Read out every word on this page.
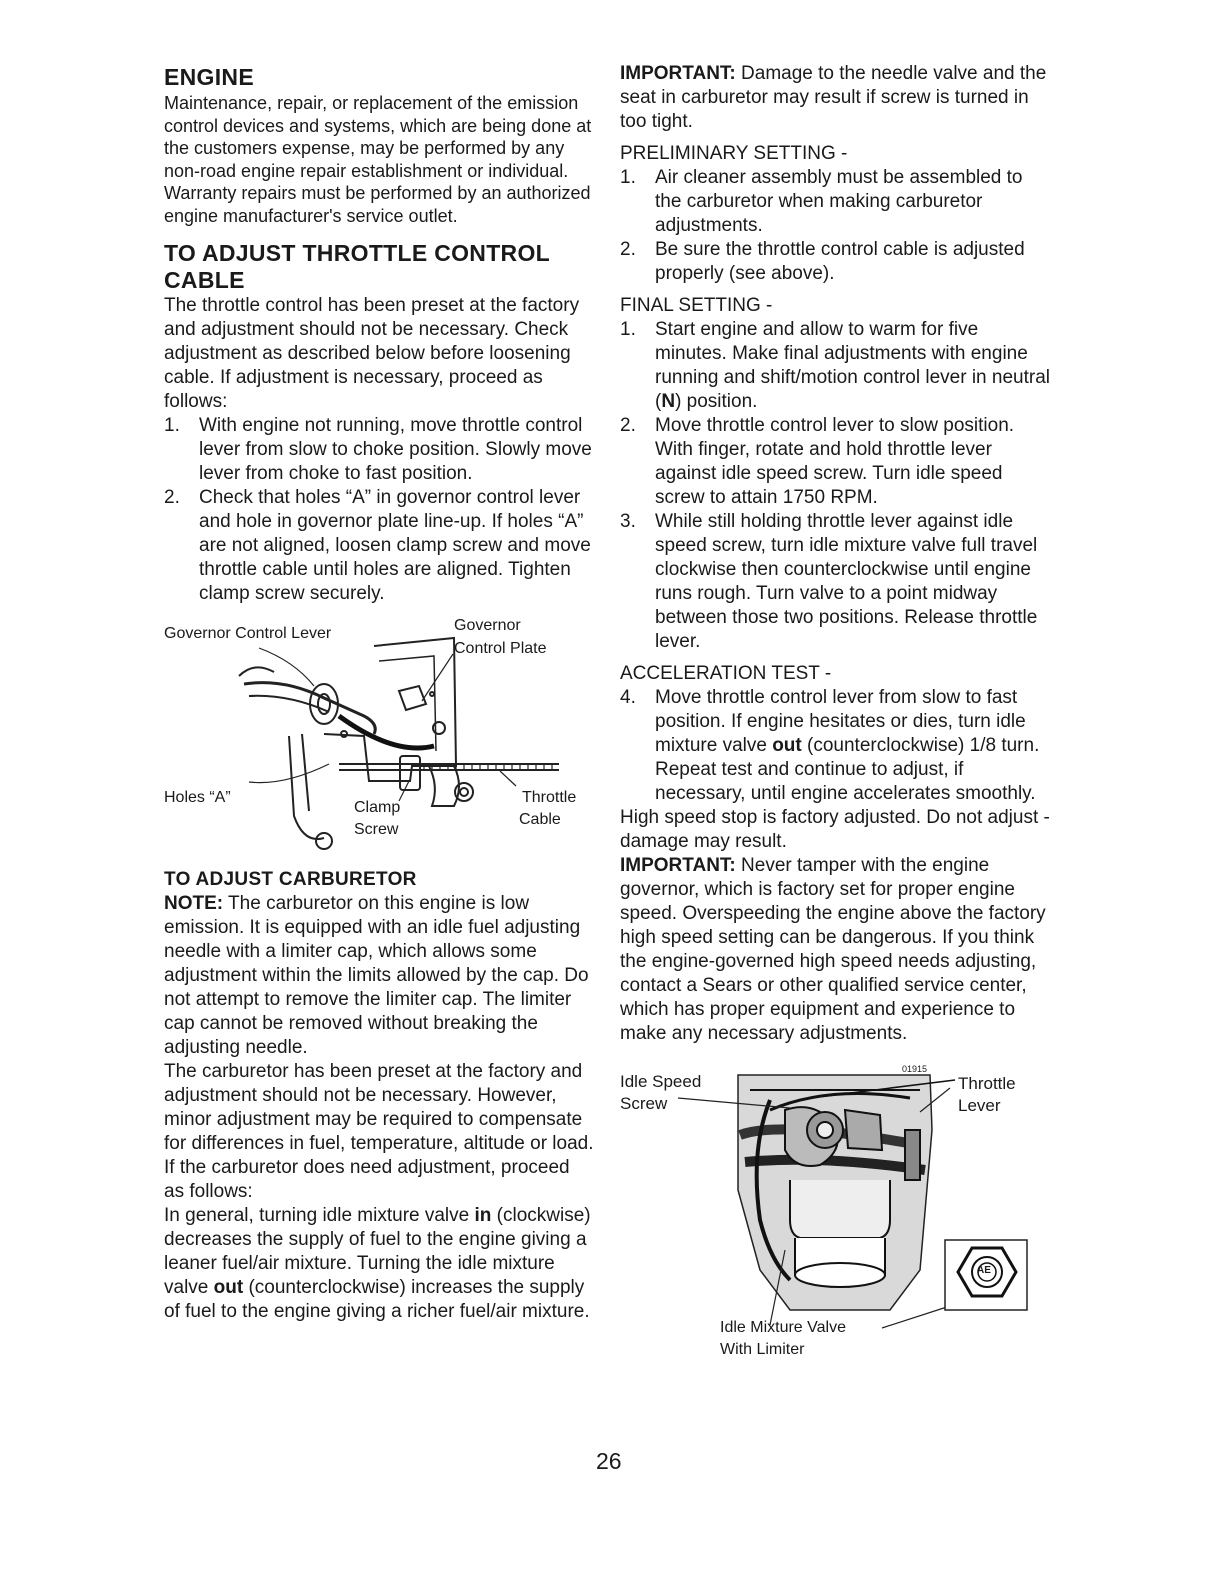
ENGINE

Maintenance, repair, or replacement of the emission control devices and systems, which are being done at the customers expense, may be performed by any non-road engine repair establishment or individual. Warranty repairs must be performed by an authorized engine manufacturer's service outlet.

TO ADJUST THROTTLE CONTROL CABLE

The throttle control has been preset at the factory and adjustment should not be necessary. Check adjustment as described below before loosening cable. If adjustment is necessary, proceed as follows:

1. With engine not running, move throttle control lever from slow to choke position. Slowly move lever from choke to fast position.
2. Check that holes “A” in governor control lever and hole in governor plate line-up. If holes “A” are not aligned, loosen clamp screw and move throttle cable until holes are aligned. Tighten clamp screw securely.
Governor Control Lever	Governor
Control Plate
Holes “A”
Clamp
Screw
Throttle
Cable
TO ADJUST CARBURETOR

NOTE: The carburetor on this engine is low emission. It is equipped with an idle fuel adjusting needle with a limiter cap, which allows some adjustment within the limits allowed by the cap. Do not attempt to remove the limiter cap. The limiter cap cannot be removed without breaking the adjusting needle.

The carburetor has been preset at the factory and adjustment should not be necessary. However, minor adjustment may be required to compensate for differences in fuel, temperature, altitude or load. If the carburetor does need adjustment, proceed as follows:

In general, turning idle mixture valve in (clockwise) decreases the supply of fuel to the engine giving a leaner fuel/air mixture. Turning the idle mixture valve out (counterclockwise) increases the supply of fuel to the engine giving a richer fuel/air mixture.

IMPORTANT: Damage to the needle valve and the seat in carburetor may result if screw is turned in too tight.

PRELIMINARY SETTING -
1. Air cleaner assembly must be assembled to the carburetor when making carburetor adjustments.
2. Be sure the throttle control cable is adjusted properly (see above).
FINAL SETTING -
1. Start engine and allow to warm for five minutes. Make final adjustments with engine running and shift/motion control lever in neutral (N) position.
2. Move throttle control lever to slow position. With finger, rotate and hold throttle lever against idle speed screw. Turn idle speed screw to attain 1750 RPM.
3. While still holding throttle lever against idle speed screw, turn idle mixture valve full travel clockwise then counterclockwise until engine runs rough. Turn valve to a point midway between those two positions. Release throttle lever.
ACCELERATION TEST -
4. Move throttle control lever from slow to fast position. If engine hesitates or dies, turn idle mixture valve out (counterclockwise) 1/8 turn. Repeat test and continue to adjust, if necessary, until engine accelerates smoothly.

High speed stop is factory adjusted. Do not adjust - damage may result.

IMPORTANT: Never tamper with the engine governor, which is factory set for proper engine speed. Overspeeding the engine above the factory high speed setting can be dangerous. If you think the engine-governed high speed needs adjusting, contact a Sears or other qualified service center, which has proper equipment and experience to make any necessary adjustments.

Idle Speed
Screw
Throttle
Lever
Idle Mixture Valve
With Limiter
01915
AE
26
